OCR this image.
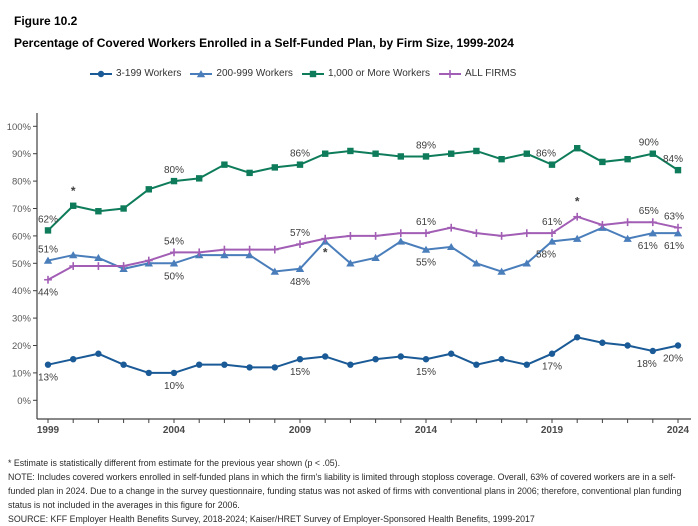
Figure 10.2
Percentage of Covered Workers Enrolled in a Self-Funded Plan, by Firm Size, 1999-2024
3-199 Workers	200-999 Workers	1,000 or More Workers	ALL FIRMS
0%
10%
20%
30%
40%
50%
60%
70%
80%
90%
100%
1999	2004	2009	2014	2019	2024
13%
10%
15%	15%	17%	18% 20%
51%
50%	48%
55%
58%
61% 61%
*
62%
80%
86%
89%
86%
90%
84%
*
44%
54%
57%
61%	61%
65% 63%
*
* Estimate is statistically different from estimate for the previous year shown (p < .05).
NOTE: Includes covered workers enrolled in self-funded plans in which the firm's liability is limited through stoploss coverage. Overall, 63% of covered workers are in a self-funded plan in 2024. Due to a change in the survey questionnaire, funding status was not asked of firms with conventional plans in 2006; therefore, conventional plan funding status is not included in the averages in this figure for 2006.
SOURCE: KFF Employer Health Benefits Survey, 2018-2024; Kaiser/HRET Survey of Employer-Sponsored Health Benefits, 1999-2017
